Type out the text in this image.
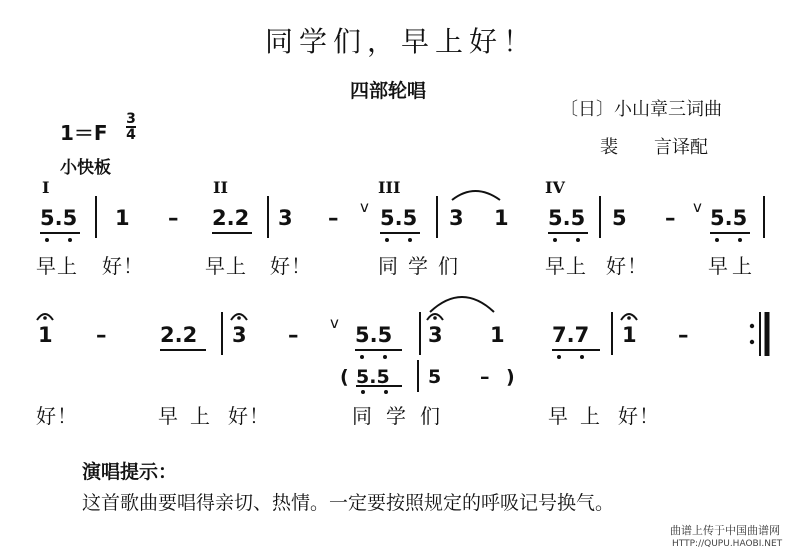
同学们，早上好！
四部轮唱
〔日〕小山章三词曲
裴　　言译配
1＝F
3
4
小快板
I	II	III	IV
5.5 1 – 2.2 3 – 5.5 3 1 5.5 5 – 5.5
v	v
早上 好！	早上 好！	同学们	早上 好！	早上
1 –	2.2 3 –	5.5 3 1 7.7 1 –
v
( 5.5 5 – )
好！	早上 好！	同学们	早上 好！
演唱提示：
这首歌曲要唱得亲切、热情。一定要按照规定的呼吸记号换气。
曲谱上传于中国曲谱网
HTTP://QUPU.HAOBI.NET
